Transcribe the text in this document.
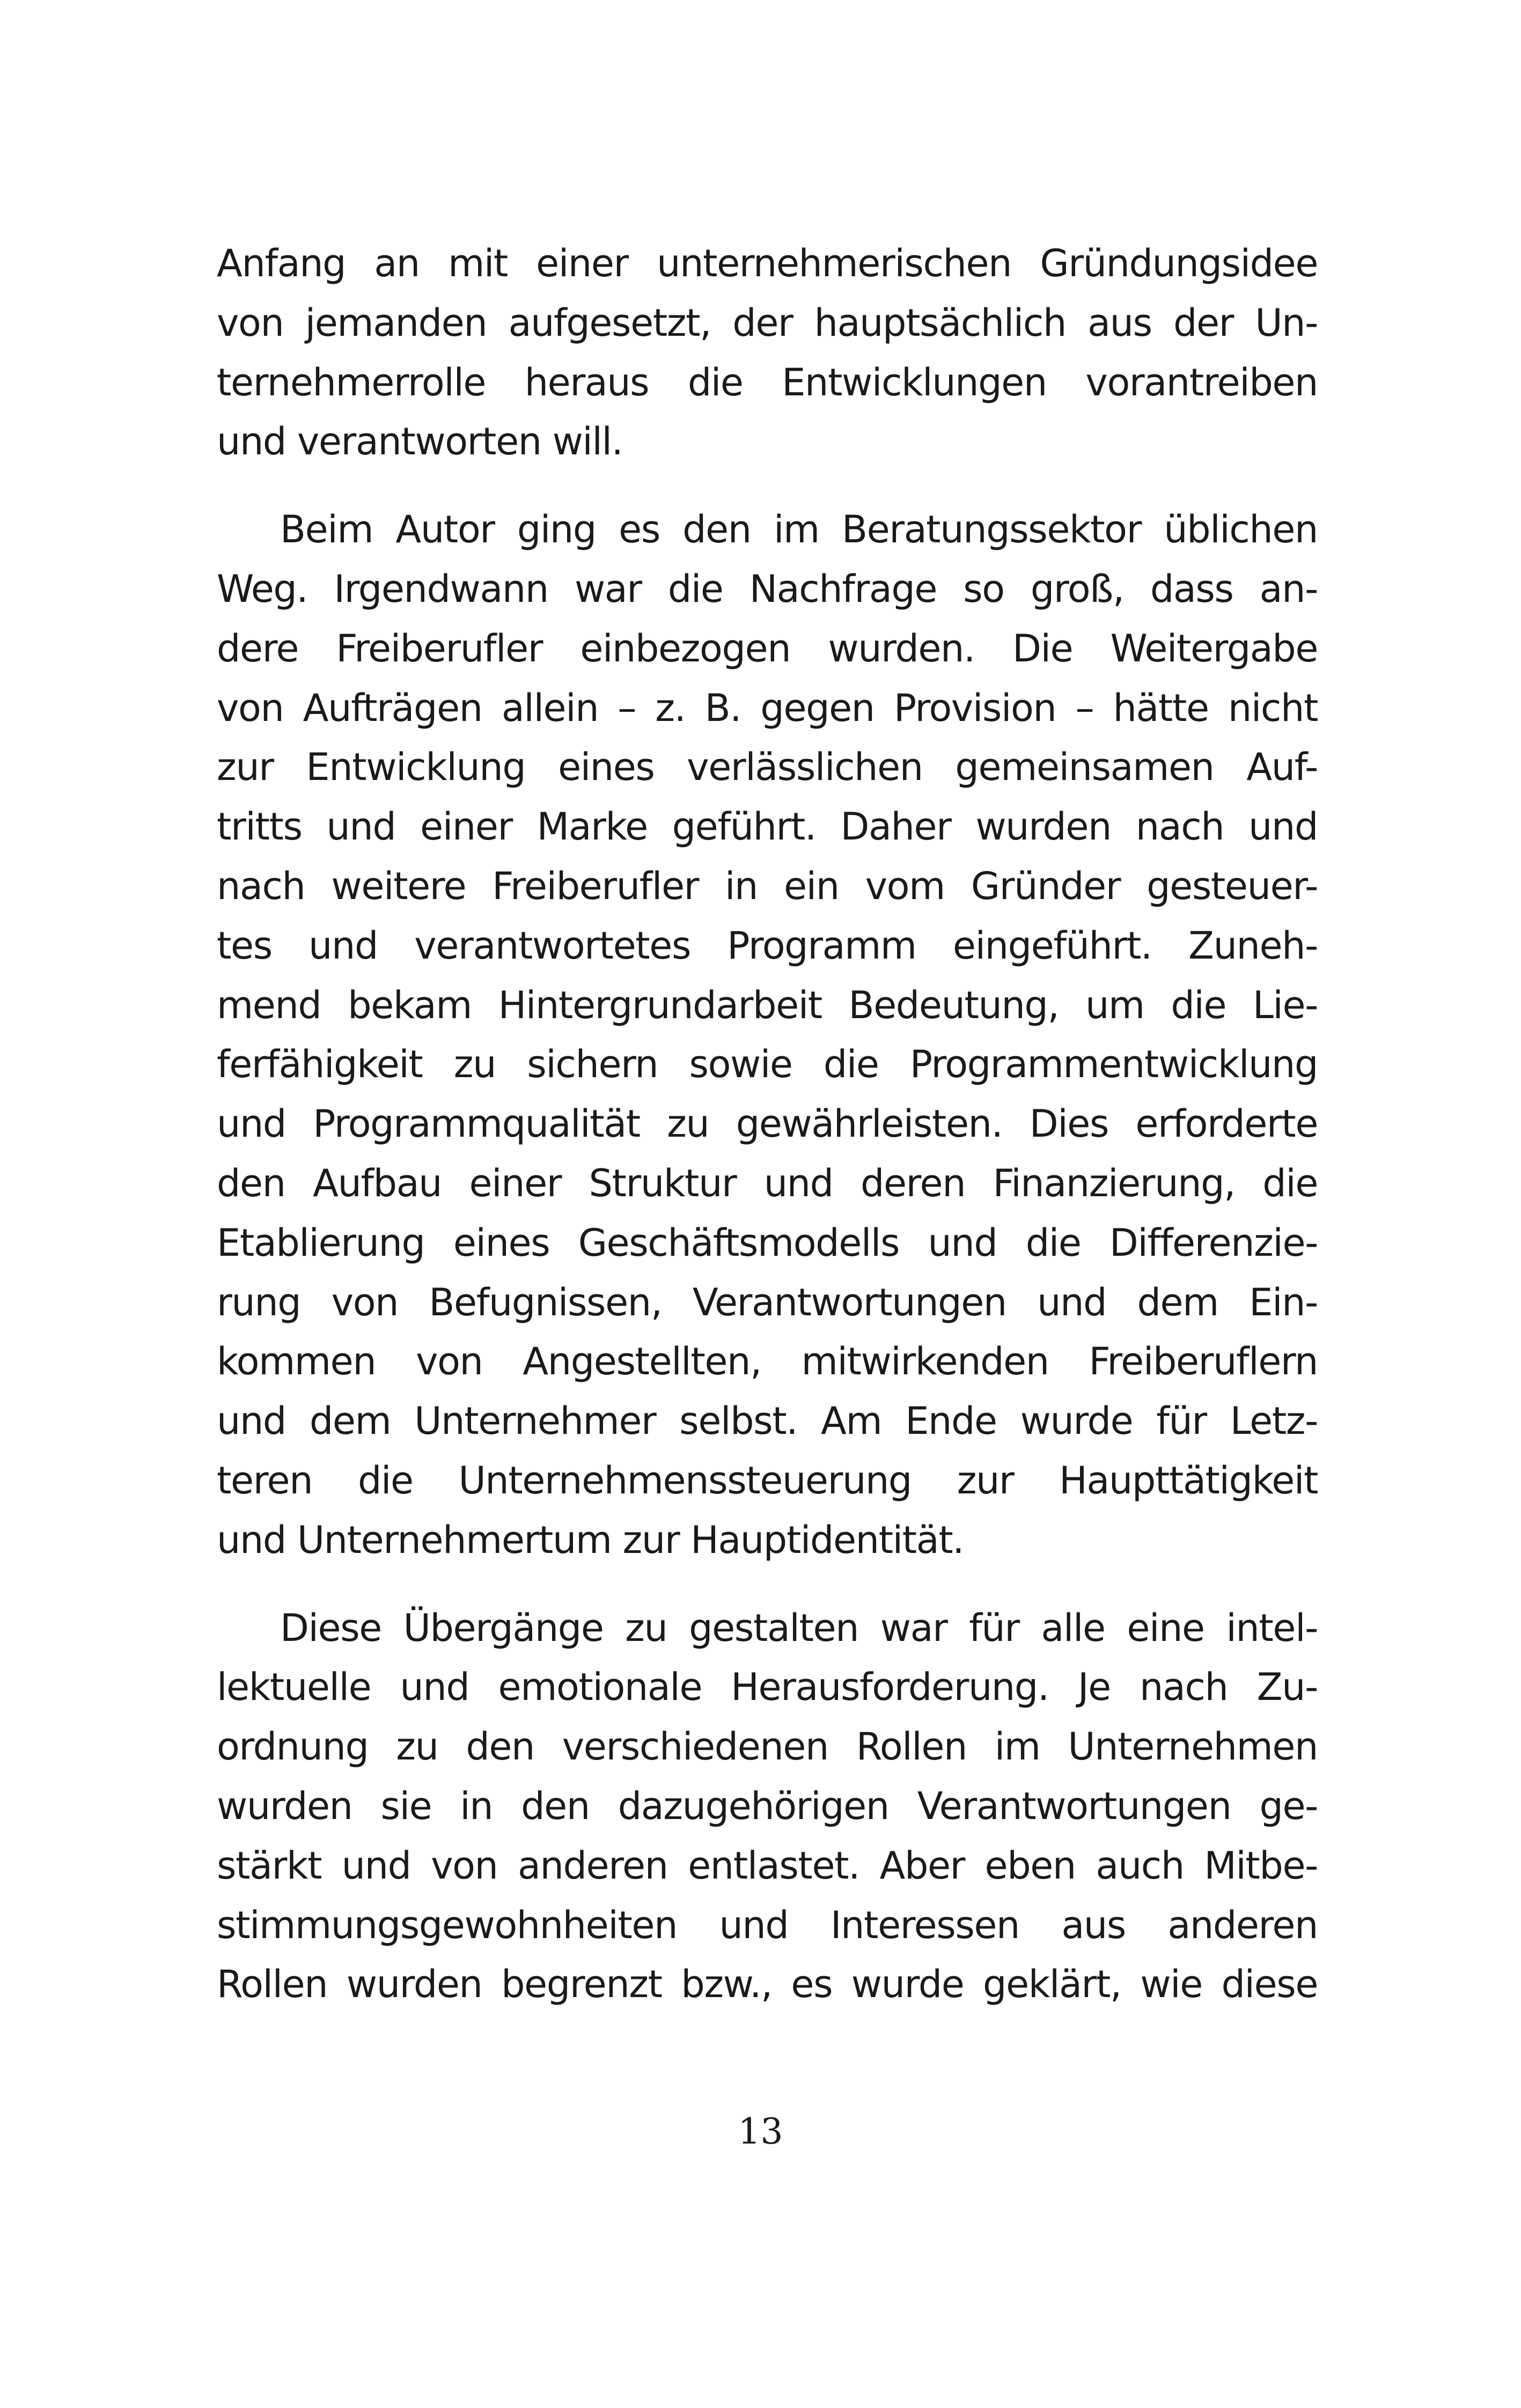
Anfang an mit einer unternehmerischen Gründungsidee
von jemanden aufgesetzt, der hauptsächlich aus der Un-
ternehmerrolle heraus die Entwicklungen vorantreiben
und verantworten will.
Beim Autor ging es den im Beratungssektor üblichen
Weg. Irgendwann war die Nachfrage so groß, dass an-
dere Freiberufler einbezogen wurden. Die Weitergabe
von Aufträgen allein – z. B. gegen Provision – hätte nicht
zur Entwicklung eines verlässlichen gemeinsamen Auf-
tritts und einer Marke geführt. Daher wurden nach und
nach weitere Freiberufler in ein vom Gründer gesteuer-
tes und verantwortetes Programm eingeführt. Zuneh-
mend bekam Hintergrundarbeit Bedeutung, um die Lie-
ferfähigkeit zu sichern sowie die Programmentwicklung
und Programmqualität zu gewährleisten. Dies erforderte
den Aufbau einer Struktur und deren Finanzierung, die
Etablierung eines Geschäftsmodells und die Differenzie-
rung von Befugnissen, Verantwortungen und dem Ein-
kommen von Angestellten, mitwirkenden Freiberuflern
und dem Unternehmer selbst. Am Ende wurde für Letz-
teren die Unternehmenssteuerung zur Haupttätigkeit
und Unternehmertum zur Hauptidentität.
Diese Übergänge zu gestalten war für alle eine intel-
lektuelle und emotionale Herausforderung. Je nach Zu-
ordnung zu den verschiedenen Rollen im Unternehmen
wurden sie in den dazugehörigen Verantwortungen ge-
stärkt und von anderen entlastet. Aber eben auch Mitbe-
stimmungsgewohnheiten und Interessen aus anderen
Rollen wurden begrenzt bzw., es wurde geklärt, wie diese
13
